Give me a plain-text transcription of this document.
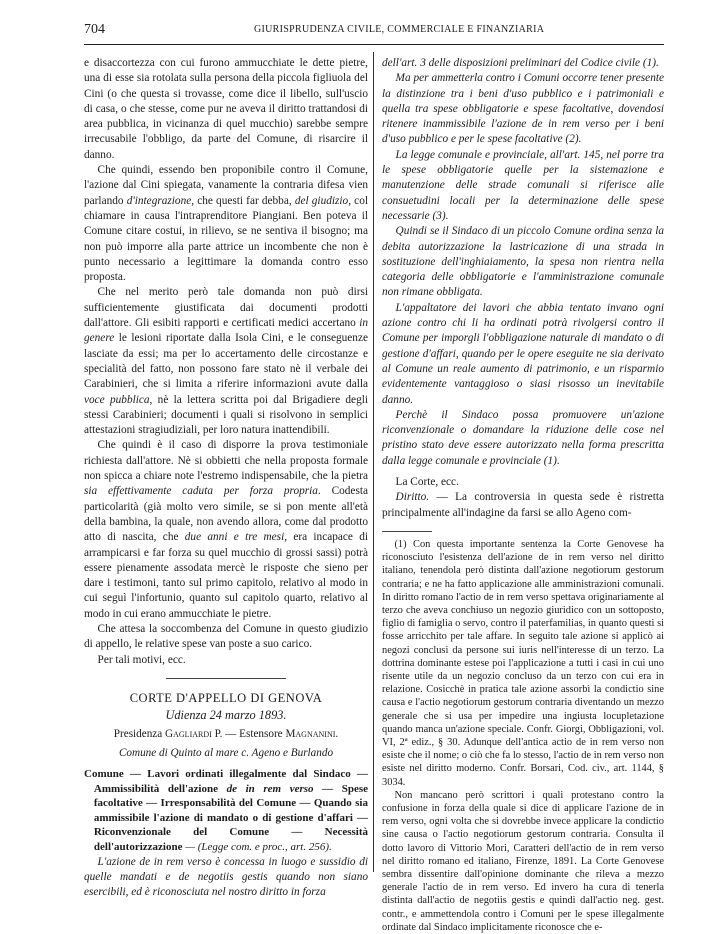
704	GIURISPRUDENZA CIVILE, COMMERCIALE E FINANZIARIA

e disaccortezza con cui furono ammucchiate le dette pietre, una di esse sia rotolata sulla persona della piccola figliuola del Cini (o che questa si trovasse, come dice il libello, sull'uscio di casa, o che stesse, come pur ne aveva il diritto trattandosi di area pubblica, in vicinanza di quel mucchio) sarebbe sempre irrecusabile l'obbligo, da parte del Comune, di risarcire il danno.

Che quindi, essendo ben proponibile contro il Comune, l'azione dal Cini spiegata, vanamente la contraria difesa vien parlando d'integrazione, che questi far debba, del giudizio, col chiamare in causa l'intraprenditore Piangiani. Ben poteva il Comune citare costui, in rilievo, se ne sentiva il bisogno; ma non può imporre alla parte attrice un incombente che non è punto necessario a legittimare la domanda contro esso proposta.

Che nel merito però tale domanda non può dirsi sufficientemente giustificata dai documenti prodotti dall'attore. Gli esibiti rapporti e certificati medici accertano in genere le lesioni riportate dalla Isola Cini, e le conseguenze lasciate da essi; ma per lo accertamento delle circostanze e specialità del fatto, non possono fare stato nè il verbale dei Carabinieri, che si limita a riferire informazioni avute dalla voce pubblica, nè la lettera scritta poi dal Brigadiere degli stessi Carabinieri; documenti i quali si risolvono in semplici attestazioni stragiudiziali, per loro natura inattendibili.

Che quindi è il caso di disporre la prova testimoniale richiesta dall'attore. Nè si obbietti che nella proposta formale non spicca a chiare note l'estremo indispensabile, che la pietra sia effettivamente caduta per forza propria. Codesta particolarità (già molto vero simile, se si pon mente all'età della bambina, la quale, non avendo allora, come dal prodotto atto di nascita, che due anni e tre mesi, era incapace di arrampicarsi e far forza su quel mucchio di grossi sassi) potrà essere pienamente assodata mercè le risposte che sieno per dare i testimoni, tanto sul primo capitolo, relativo al modo in cui seguì l'infortunio, quanto sul capitolo quarto, relativo al modo in cui erano ammucchiate le pietre.

Che attesa la soccombenza del Comune in questo giudizio di appello, le relative spese van poste a suo carico.

Per tali motivi, ecc.

CORTE D'APPELLO DI GENOVA
Udienza 24 marzo 1893.
Presidenza Gagliardi P. — Estensore Magnanini.
Comune di Quinto al mare c. Ageno e Burlando

Comune — Lavori ordinati illegalmente dal Sindaco — Ammissibilità dell'azione de in rem verso — Spese facoltative — Irresponsabilità del Comune — Quando sia ammissibile l'azione di mandato o di gestione d'affari — Riconvenzionale del Comune — Necessità dell'autorizzazione — (Legge com. e proc., art. 256).

L'azione de in rem verso è concessa in luogo e sussidio di quelle mandati e de negotiis gestis quando non siano esercibili, ed è riconosciuta nel nostro diritto in forza

dell'art. 3 delle disposizioni preliminari del Codice civile (1).

Ma per ammetterla contro i Comuni occorre tener presente la distinzione tra i beni d'uso pubblico e i patrimoniali e quella tra spese obbligatorie e spese facoltative, dovendosi ritenere inammissibile l'azione de in rem verso per i beni d'uso pubblico e per le spese facoltative (2).

La legge comunale e provinciale, all'art. 145, nel porre tra le spese obbligatorie quelle per la sistemazione e manutenzione delle strade comunali si riferisce alle consuetudini locali per la determinazione delle spese necessarie (3).

Quindi se il Sindaco di un piccolo Comune ordina senza la debita autorizzazione la lastricazione di una strada in sostituzione dell'inghiaiamento, la spesa non rientra nella categoria delle obbligatorie e l'amministrazione comunale non rimane obbligata.

L'appaltatore dei lavori che abbia tentato invano ogni azione contro chi li ha ordinati potrà rivolgersi contro il Comune per imporgli l'obbligazione naturale di mandato o di gestione d'affari, quando per le opere eseguite ne sia derivato al Comune un reale aumento di patrimonio, e un risparmio evidentemente vantaggioso o siasi risosso un inevitabile danno.

Perchè il Sindaco possa promuovere un'azione riconvenzionale o domandare la riduzione delle cose nel pristino stato deve essere autorizzato nella forma prescritta dalla legge comunale e provinciale (1).

La Corte, ecc.

Diritto. — La controversia in questa sede è ristretta principalmente all'indagine da farsi se allo Ageno com-

(1) Con questa importante sentenza la Corte Genovese ha riconosciuto l'esistenza dell'azione de in rem verso nel diritto italiano, tenendola però distinta dall'azione negotiorum gestorum contraria; e ne ha fatto applicazione alle amministrazioni comunali. In diritto romano l'actio de in rem verso spettava originariamente al terzo che aveva conchiuso un negozio giuridico con un sottoposto, figlio di famiglia o servo, contro il paterfamilias, in quanto questi si fosse arricchito per tale affare. In seguito tale azione si applicò ai negozi conclusi da persone sui iuris nell'interesse di un terzo. La dottrina dominante estese poi l'applicazione a tutti i casi in cui uno risente utile da un negozio concluso da un terzo con cui era in relazione. Cosicchè in pratica tale azione assorbì la condictio sine causa e l'actio negotiorum gestorum contraria diventando un mezzo generale che si usa per impedire una ingiusta locupletazione quando manca un'azione speciale. Confr. Giorgi, Obbligazioni, vol. VI, 2ª ediz., § 30. Adunque dell'antica actio de in rem verso non esiste che il nome; o ciò che fa lo stesso, l'actio de in rem verso non esiste nel diritto moderno. Confr. Borsari, Cod. civ., art. 1144, § 3034.

Non mancano però scrittori i quali protestano contro la confusione in forza della quale si dice di applicare l'azione de in rem verso, ogni volta che si dovrebbe invece applicare la condictio sine causa o l'actio negotiorum gestorum contraria. Consulta il dotto lavoro di Vittorio Mori, Caratteri dell'actio de in rem verso nel diritto romano ed italiano, Firenze, 1891. La Corte Genovese sembra dissentire dall'opinione dominante che rileva a mezzo generale l'actio de in rem verso. Ed invero ha cura di tenerla distinta dall'actio de negotiis gestis e quindi dall'actio neg. gest. contr., e ammettendola contro i Comuni per le spese illegalmente ordinate dal Sindaco implicitamente riconosce che e-
